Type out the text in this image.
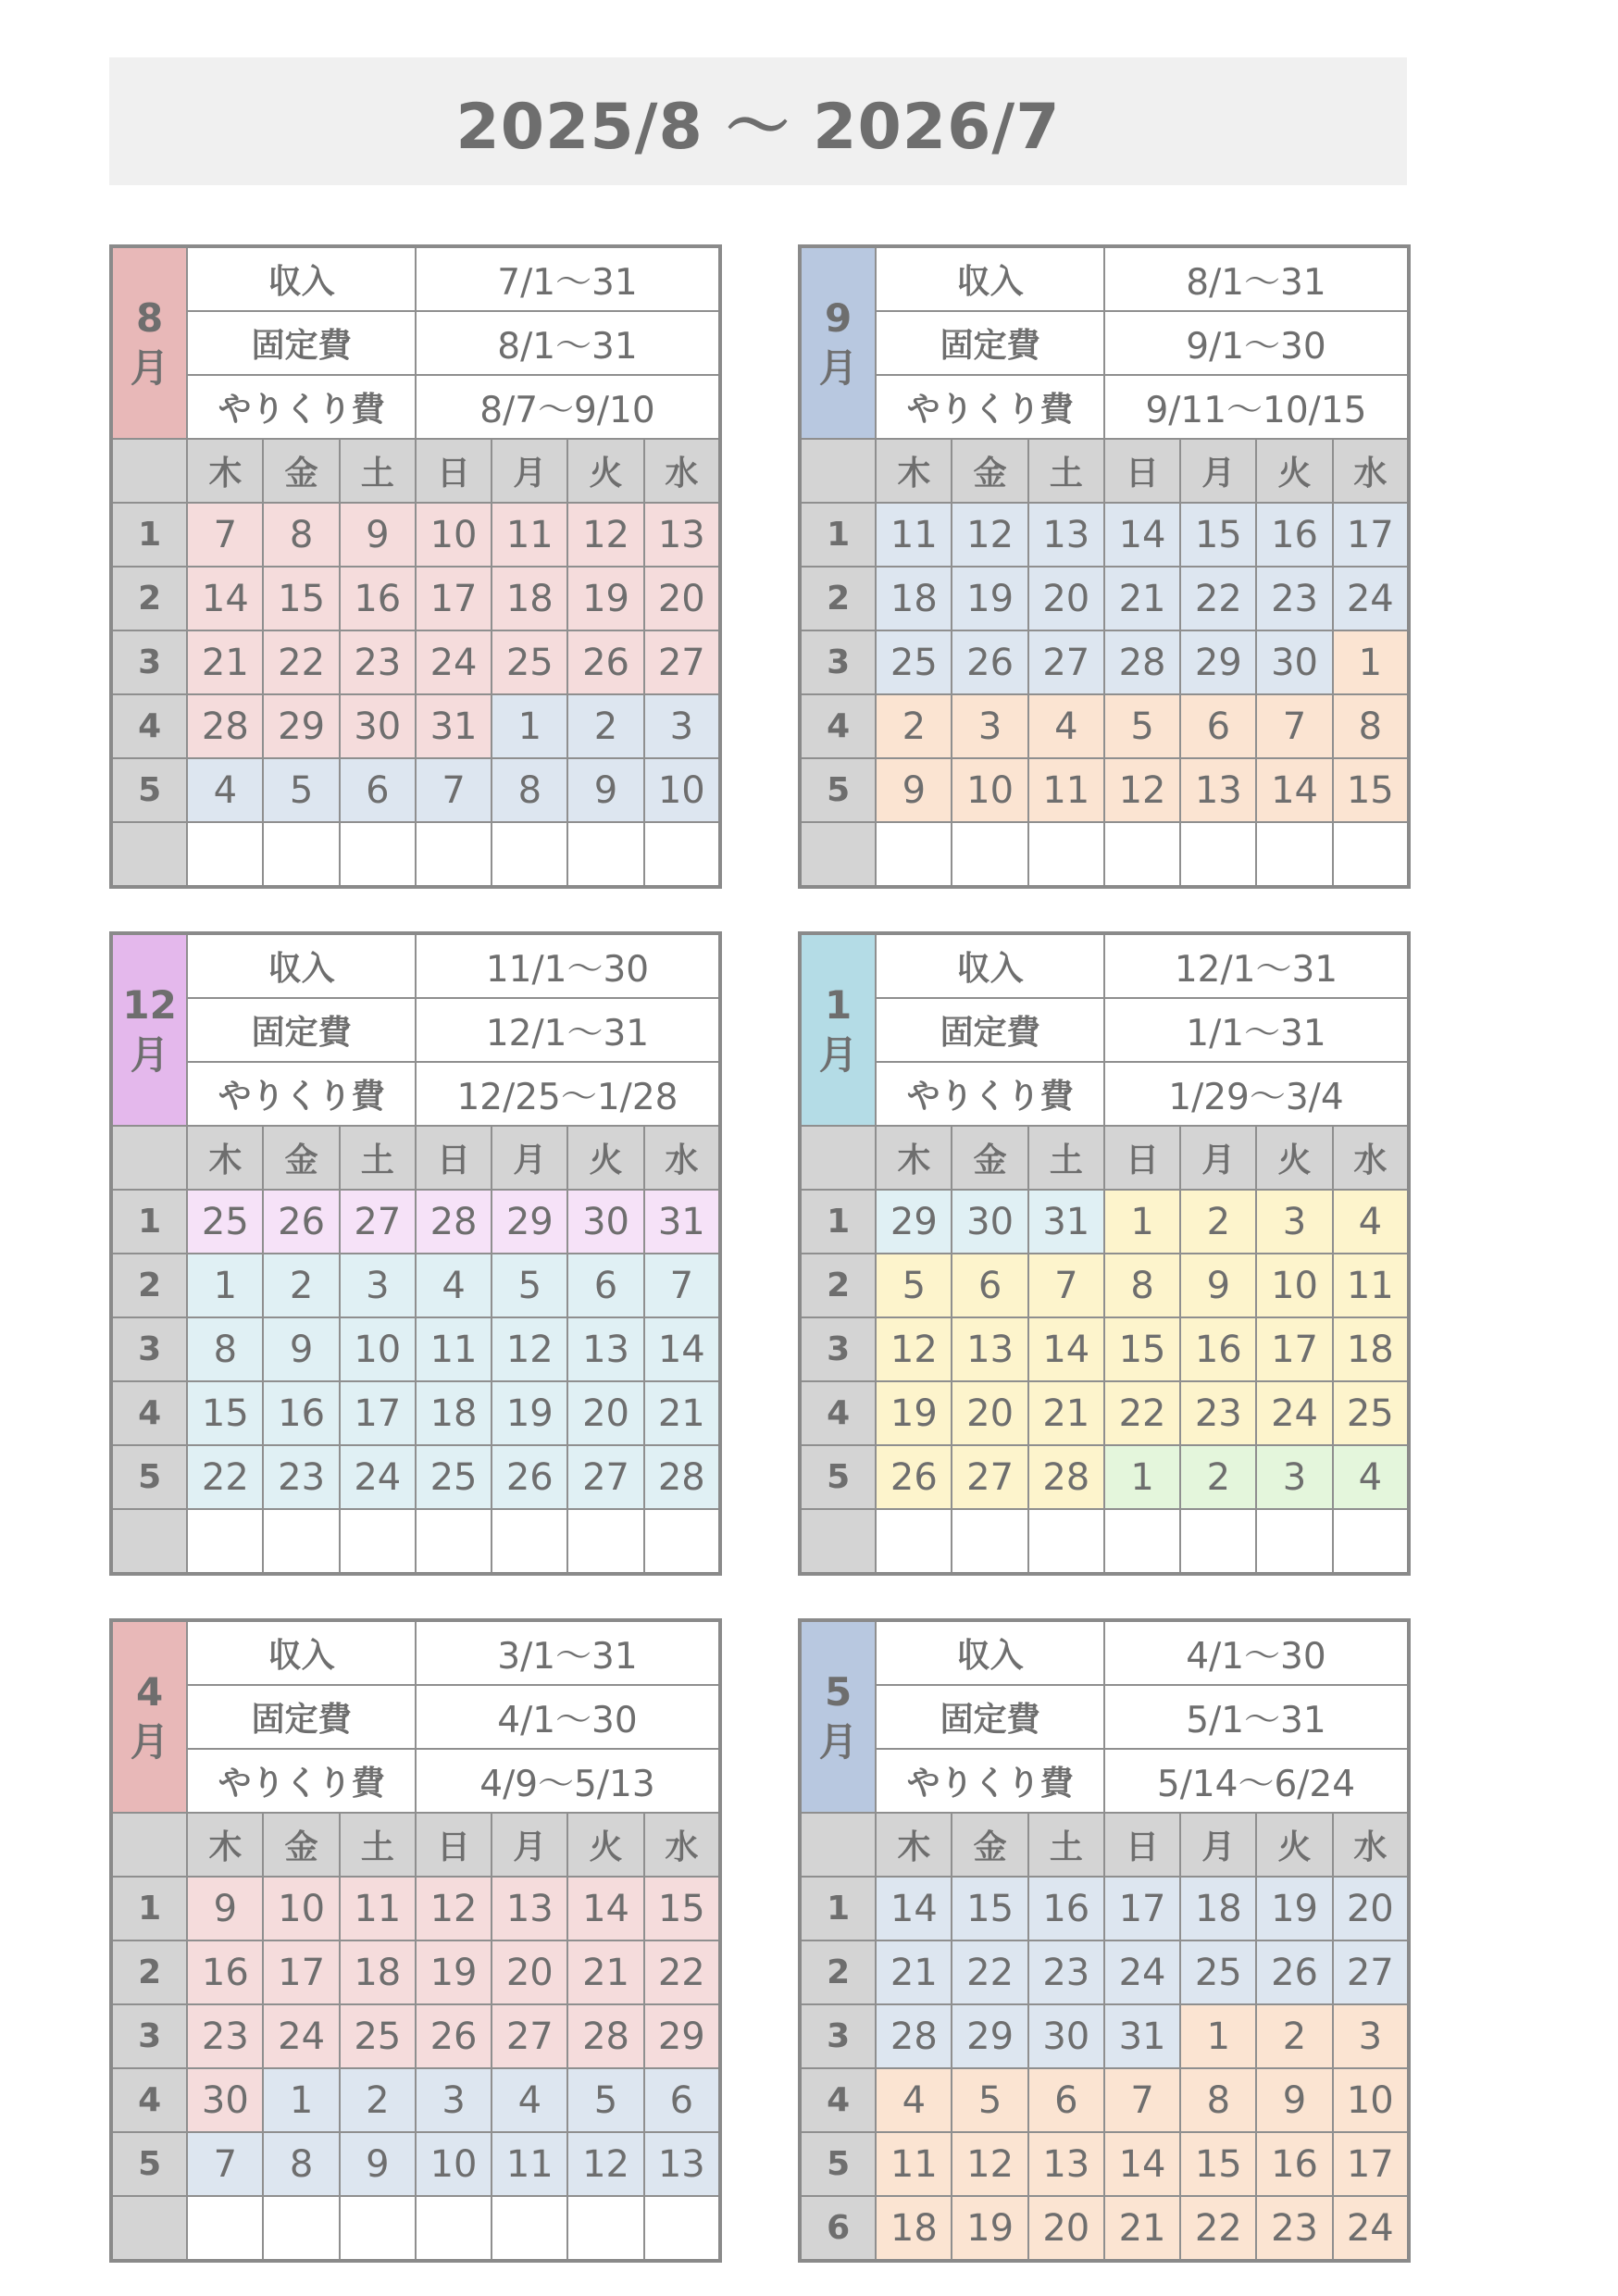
2025/8 〜 2026/7
8
月	収入			7/1〜31			
	固定費			8/1〜31			
	やりくり費			8/7〜9/10			
	木	金	土	日	月	火	水
1	7	8	9	10	11	12	13
2	14	15	16	17	18	19	20
3	21	22	23	24	25	26	27
4	28	29	30	31	1	2	3
5	4	5	6	7	8	9	10

9
月	収入			8/1〜31			
	固定費			9/1〜30			
	やりくり費			9/11〜10/15			
	木	金	土	日	月	火	水
1	11	12	13	14	15	16	17
2	18	19	20	21	22	23	24
3	25	26	27	28	29	30	1
4	2	3	4	5	6	7	8
5	9	10	11	12	13	14	15

12
月	収入			11/1〜30			
	固定費			12/1〜31			
	やりくり費			12/25〜1/28			
	木	金	土	日	月	火	水
1	25	26	27	28	29	30	31
2	1	2	3	4	5	6	7
3	8	9	10	11	12	13	14
4	15	16	17	18	19	20	21
5	22	23	24	25	26	27	28

1
月	収入			12/1〜31			
	固定費			1/1〜31			
	やりくり費			1/29〜3/4			
	木	金	土	日	月	火	水
1	29	30	31	1	2	3	4
2	5	6	7	8	9	10	11
3	12	13	14	15	16	17	18
4	19	20	21	22	23	24	25
5	26	27	28	1	2	3	4

4
月	収入			3/1〜31			
	固定費			4/1〜30			
	やりくり費			4/9〜5/13			
	木	金	土	日	月	火	水
1	9	10	11	12	13	14	15
2	16	17	18	19	20	21	22
3	23	24	25	26	27	28	29
4	30	1	2	3	4	5	6
5	7	8	9	10	11	12	13

5
月	収入			4/1〜30			
	固定費			5/1〜31			
	やりくり費			5/14〜6/24			
	木	金	土	日	月	火	水
1	14	15	16	17	18	19	20
2	21	22	23	24	25	26	27
3	28	29	30	31	1	2	3
4	4	5	6	7	8	9	10
5	11	12	13	14	15	16	17
6	18	19	20	21	22	23	24
